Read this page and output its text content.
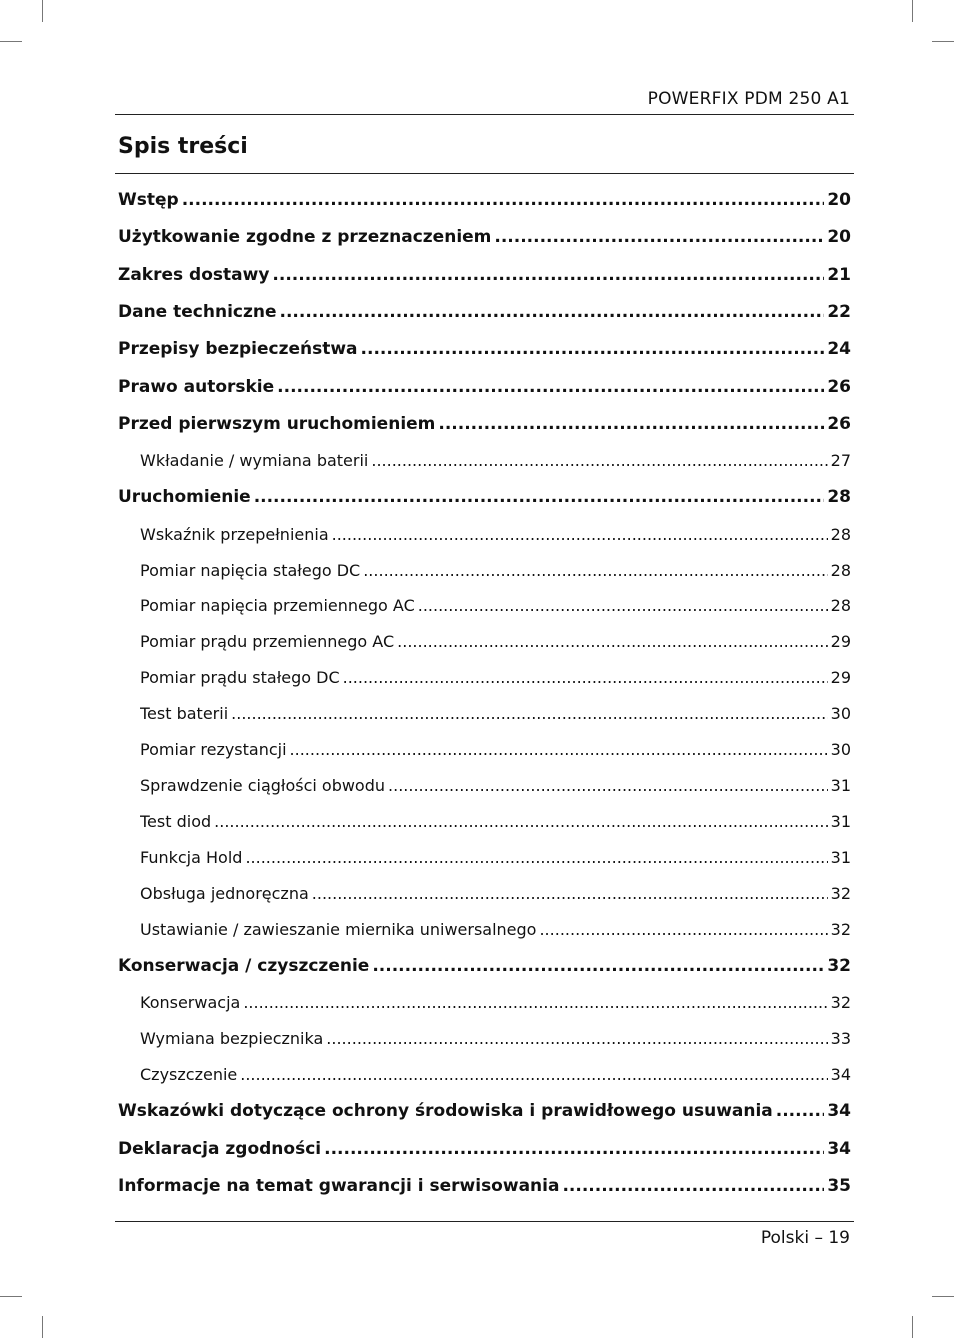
POWERFIX PDM 250 A1
Spis treści
Wstęp .....	20
Użytkowanie zgodne z przeznaczeniem .....	20
Zakres dostawy .....	21
Dane techniczne .....	22
Przepisy bezpieczeństwa .....	24
Prawo autorskie .....	26
Przed pierwszym uruchomieniem .....	26
Wkładanie / wymiana baterii .....	27
Uruchomienie .....	28
Wskaźnik przepełnienia .....	28
Pomiar napięcia stałego DC .....	28
Pomiar napięcia przemiennego AC .....	28
Pomiar prądu przemiennego AC .....	29
Pomiar prądu stałego DC .....	29
Test baterii .....	30
Pomiar rezystancji .....	30
Sprawdzenie ciągłości obwodu .....	31
Test diod .....	31
Funkcja Hold .....	31
Obsługa jednoręczna .....	32
Ustawianie / zawieszanie miernika uniwersalnego .....	32
Konserwacja / czyszczenie .....	32
Konserwacja .....	32
Wymiana bezpiecznika .....	33
Czyszczenie .....	34
Wskazówki dotyczące ochrony środowiska i prawidłowego usuwania .....	34
Deklaracja zgodności .....	34
Informacje na temat gwarancji i serwisowania .....	35
Polski – 19
